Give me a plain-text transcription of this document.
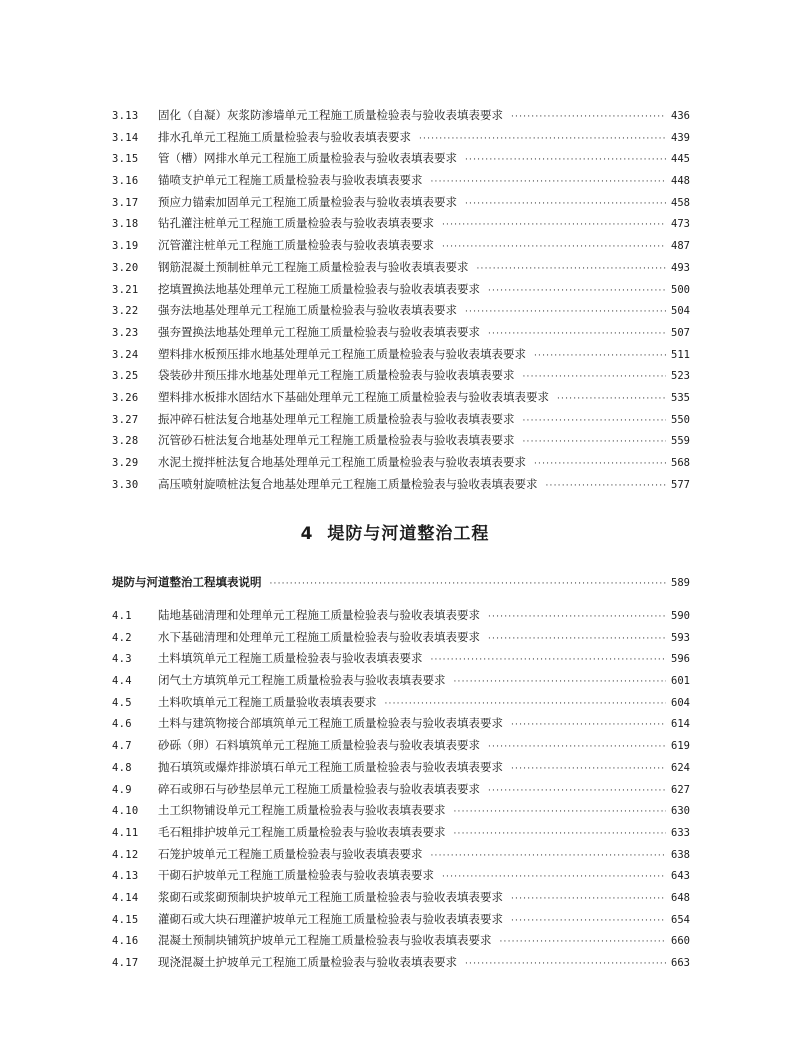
3.13	固化（自凝）灰浆防渗墙单元工程施工质量检验表与验收表填表要求 ·····	436
3.14	排水孔单元工程施工质量检验表与验收表填表要求 ·····	439
3.15	管（槽）网排水单元工程施工质量检验表与验收表填表要求 ·····	445
3.16	锚喷支护单元工程施工质量检验表与验收表填表要求 ·····	448
3.17	预应力锚索加固单元工程施工质量检验表与验收表填表要求 ·····	458
3.18	钻孔灌注桩单元工程施工质量检验表与验收表填表要求 ·····	473
3.19	沉管灌注桩单元工程施工质量检验表与验收表填表要求 ·····	487
3.20	钢筋混凝土预制桩单元工程施工质量检验表与验收表填表要求 ·····	493
3.21	挖填置换法地基处理单元工程施工质量检验表与验收表填表要求 ·····	500
3.22	强夯法地基处理单元工程施工质量检验表与验收表填表要求 ·····	504
3.23	强夯置换法地基处理单元工程施工质量检验表与验收表填表要求 ·····	507
3.24	塑料排水板预压排水地基处理单元工程施工质量检验表与验收表填表要求 ·····	511
3.25	袋装砂井预压排水地基处理单元工程施工质量检验表与验收表填表要求 ·····	523
3.26	塑料排水板排水固结水下基础处理单元工程施工质量检验表与验收表填表要求 ·····	535
3.27	振冲碎石桩法复合地基处理单元工程施工质量检验表与验收表填表要求 ·····	550
3.28	沉管砂石桩法复合地基处理单元工程施工质量检验表与验收表填表要求 ·····	559
3.29	水泥土搅拌桩法复合地基处理单元工程施工质量检验表与验收表填表要求 ·····	568
3.30	高压喷射旋喷桩法复合地基处理单元工程施工质量检验表与验收表填表要求 ·····	577
4 堤防与河道整治工程
堤防与河道整治工程填表说明 ·····	589
4.1	陆地基础清理和处理单元工程施工质量检验表与验收表填表要求 ·····	590
4.2	水下基础清理和处理单元工程施工质量检验表与验收表填表要求 ·····	593
4.3	土料填筑单元工程施工质量检验表与验收表填表要求 ·····	596
4.4	闭气土方填筑单元工程施工质量检验表与验收表填表要求 ·····	601
4.5	土料吹填单元工程施工质量验收表填表要求 ·····	604
4.6	土料与建筑物接合部填筑单元工程施工质量检验表与验收表填表要求 ·····	614
4.7	砂砾（卵）石料填筑单元工程施工质量检验表与验收表填表要求 ·····	619
4.8	抛石填筑或爆炸排淤填石单元工程施工质量检验表与验收表填表要求 ·····	624
4.9	碎石或卵石与砂垫层单元工程施工质量检验表与验收表填表要求 ·····	627
4.10	土工织物铺设单元工程施工质量检验表与验收表填表要求 ·····	630
4.11	毛石粗排护坡单元工程施工质量检验表与验收表填表要求 ·····	633
4.12	石笼护坡单元工程施工质量检验表与验收表填表要求 ·····	638
4.13	干砌石护坡单元工程施工质量检验表与验收表填表要求 ·····	643
4.14	浆砌石或浆砌预制块护坡单元工程施工质量检验表与验收表填表要求 ·····	648
4.15	灌砌石或大块石理灌护坡单元工程施工质量检验表与验收表填表要求 ·····	654
4.16	混凝土预制块铺筑护坡单元工程施工质量检验表与验收表填表要求 ·····	660
4.17	现浇混凝土护坡单元工程施工质量检验表与验收表填表要求 ·····	663
